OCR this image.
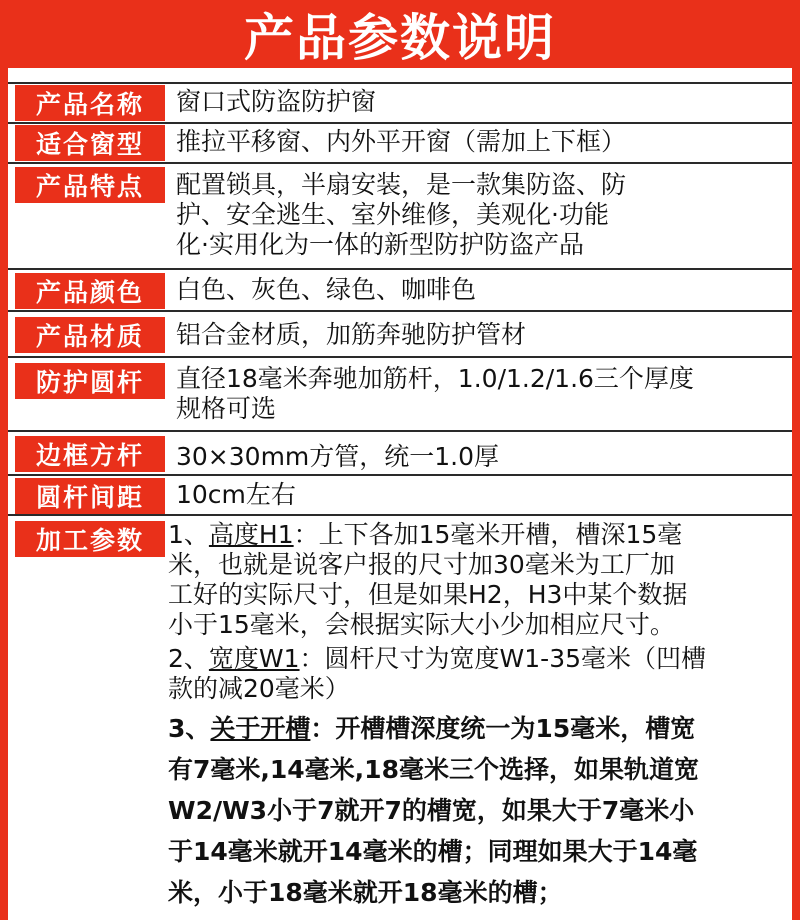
产品参数说明
产品名称	窗口式防盗防护窗
适合窗型	推拉平移窗、内外平开窗（需加上下框）
产品特点	配置锁具，半扇安装，是一款集防盗、防
护、安全逃生、室外维修，美观化·功能
化·实用化为一体的新型防护防盗产品
产品颜色	白色、灰色、绿色、咖啡色
产品材质	铝合金材质，加筋奔驰防护管材
防护圆杆	直径18毫米奔驰加筋杆，1.0/1.2/1.6三个厚度
规格可选
边框方杆	30×30mm方管，统一1.0厚
圆杆间距	10cm左右
加工参数 1、高度H1：上下各加15毫米开槽，槽深15毫
米，也就是说客户报的尺寸加30毫米为工厂加
工好的实际尺寸，但是如果H2，H3中某个数据
小于15毫米，会根据实际大小少加相应尺寸。
2、宽度W1：圆杆尺寸为宽度W1-35毫米（凹槽
款的减20毫米）
3、关于开槽：开槽槽深度统一为15毫米，槽宽
有7毫米,14毫米,18毫米三个选择，如果轨道宽
W2/W3小于7就开7的槽宽，如果大于7毫米小
于14毫米就开14毫米的槽；同理如果大于14毫
米，小于18毫米就开18毫米的槽；
